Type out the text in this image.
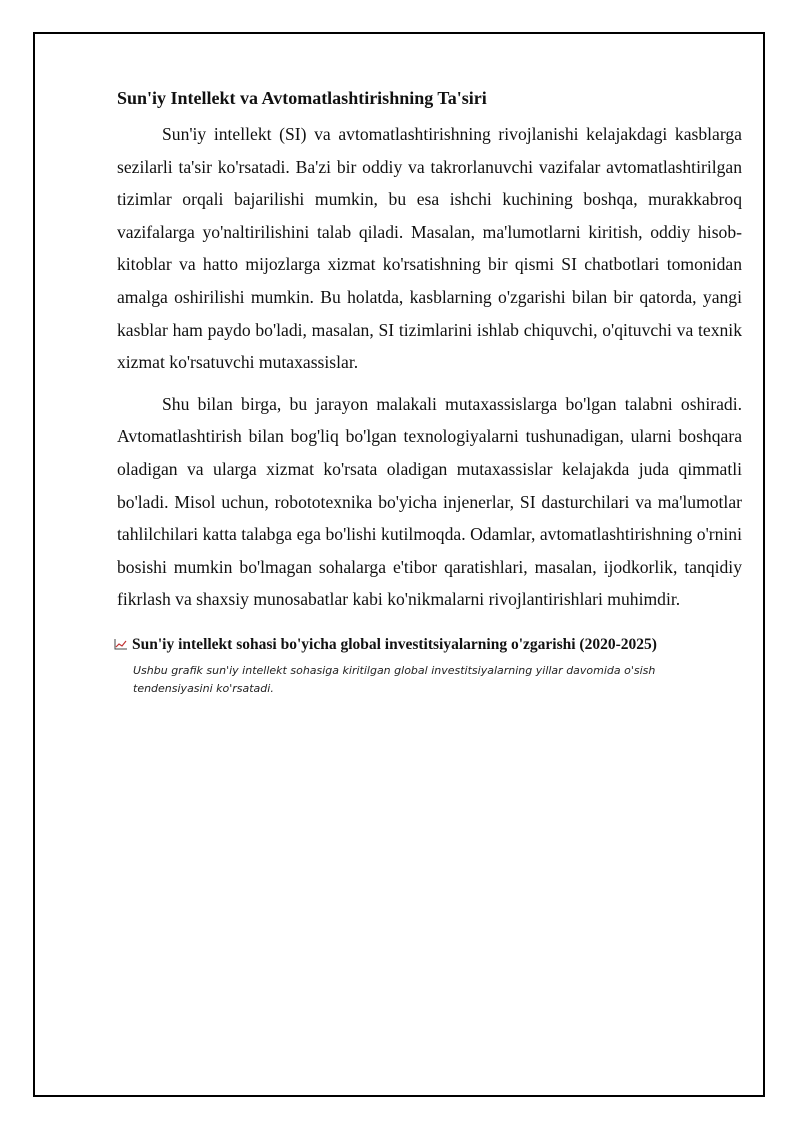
Sun'iy Intellekt va Avtomatlashtirishning Ta'siri

Sun'iy intellekt (SI) va avtomatlashtirishning rivojlanishi kelajakdagi kasblarga sezilarli ta'sir ko'rsatadi. Ba'zi bir oddiy va takrorlanuvchi vazifalar avtomatlashtirilgan tizimlar orqali bajarilishi mumkin, bu esa ishchi kuchining boshqa, murakkabroq vazifalarga yo'naltirilishini talab qiladi. Masalan, ma'lumotlarni kiritish, oddiy hisob-kitoblar va hatto mijozlarga xizmat ko'rsatishning bir qismi SI chatbotlari tomonidan amalga oshirilishi mumkin. Bu holatda, kasblarning o'zgarishi bilan bir qatorda, yangi kasblar ham paydo bo'ladi, masalan, SI tizimlarini ishlab chiquvchi, o'qituvchi va texnik xizmat ko'rsatuvchi mutaxassislar.

Shu bilan birga, bu jarayon malakali mutaxassislarga bo'lgan talabni oshiradi. Avtomatlashtirish bilan bog'liq bo'lgan texnologiyalarni tushunadigan, ularni boshqara oladigan va ularga xizmat ko'rsata oladigan mutaxassislar kelajakda juda qimmatli bo'ladi. Misol uchun, robototexnika bo'yicha injenerlar, SI dasturchilari va ma'lumotlar tahlilchilari katta talabga ega bo'lishi kutilmoqda. Odamlar, avtomatlashtirishning o'rnini bosishi mumkin bo'lmagan sohalarga e'tibor qaratishlari, masalan, ijodkorlik, tanqidiy fikrlash va shaxsiy munosabatlar kabi ko'nikmalarni rivojlantirishlari muhimdir.

Sun'iy intellekt sohasi bo'yicha global investitsiyalarning o'zgarishi (2020-2025)
Ushbu grafik sun'iy intellekt sohasiga kiritilgan global investitsiyalarning yillar davomida o'sish tendensiyasini ko'rsatadi.
